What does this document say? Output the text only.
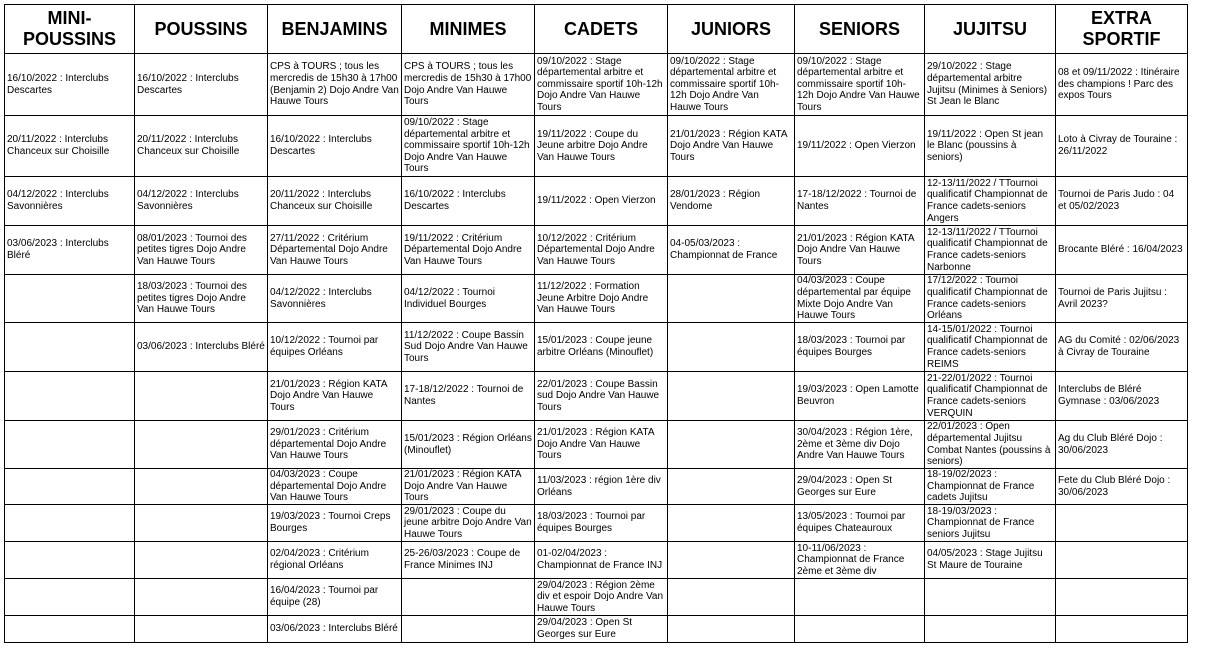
MINI-POUSSINS	POUSSINS	BENJAMINS	MINIMES	CADETS	JUNIORS	SENIORS	JUJITSU	EXTRA SPORTIF
16/10/2022 : Interclubs Descartes	16/10/2022 : Interclubs Descartes	CPS à TOURS ; tous les mercredis de 15h30 à 17h00 (Benjamin 2) Dojo Andre Van Hauwe Tours	CPS à TOURS ; tous les mercredis de 15h30 à 17h00 Dojo Andre Van Hauwe Tours	09/10/2022 : Stage départemental arbitre et commissaire sportif 10h-12h Dojo Andre Van Hauwe Tours	09/10/2022 : Stage départemental arbitre et commissaire sportif 10h-12h Dojo Andre Van Hauwe Tours	09/10/2022 : Stage départemental arbitre et commissaire sportif 10h-12h Dojo Andre Van Hauwe Tours	29/10/2022 : Stage départemental arbitre Jujitsu (Minimes à Seniors) St Jean le Blanc	08 et 09/11/2022 : Itinéraire des champions ! Parc des expos Tours
20/11/2022 : Interclubs Chanceux sur Choisille	20/11/2022 : Interclubs Chanceux sur Choisille	16/10/2022 : Interclubs Descartes	09/10/2022 : Stage départemental arbitre et commissaire sportif 10h-12h Dojo Andre Van Hauwe Tours	19/11/2022 : Coupe du Jeune arbitre Dojo Andre Van Hauwe Tours	21/01/2023 : Région KATA Dojo Andre Van Hauwe Tours	19/11/2022 : Open Vierzon	19/11/2022 : Open St jean le Blanc (poussins à seniors)	Loto à Civray de Touraine : 26/11/2022
04/12/2022 : Interclubs Savonnières	04/12/2022 : Interclubs Savonnières	20/11/2022 : Interclubs Chanceux sur Choisille	16/10/2022 : Interclubs Descartes	19/11/2022 : Open Vierzon	28/01/2023 : Région Vendome	17-18/12/2022 : Tournoi de Nantes	12-13/11/2022 / TTournoi qualificatif Championnat de France cadets-seniors Angers	Tournoi de Paris Judo : 04 et 05/02/2023
03/06/2023 : Interclubs Bléré	08/01/2023 : Tournoi des petites tigres Dojo Andre Van Hauwe Tours	27/11/2022 : Critérium Départemental Dojo Andre Van Hauwe Tours	19/11/2022 : Critérium Départemental Dojo Andre Van Hauwe Tours	10/12/2022 : Critérium Départemental Dojo Andre Van Hauwe Tours	04-05/03/2023 : Championnat de France	21/01/2023 : Région KATA Dojo Andre Van Hauwe Tours	12-13/11/2022 / TTournoi qualificatif Championnat de France cadets-seniors Narbonne	Brocante Bléré : 16/04/2023
	18/03/2023 : Tournoi des petites tigres Dojo Andre Van Hauwe Tours	04/12/2022 : Interclubs Savonnières	04/12/2022 : Tournoi Individuel Bourges	11/12/2022 : Formation Jeune Arbitre Dojo Andre Van Hauwe Tours		04/03/2023 : Coupe départemental par équipe Mixte Dojo Andre Van Hauwe Tours	17/12/2022 : Tournoi qualificatif Championnat de France cadets-seniors Orléans	Tournoi de Paris Jujitsu : Avril 2023?
	03/06/2023 : Interclubs Bléré	10/12/2022 : Tournoi par équipes Orléans	11/12/2022 : Coupe Bassin Sud Dojo Andre Van Hauwe Tours	15/01/2023 : Coupe jeune arbitre Orléans (Minouflet)		18/03/2023 : Tournoi par équipes Bourges	14-15/01/2022 : Tournoi qualificatif Championnat de France cadets-seniors REIMS	AG du Comité : 02/06/2023 à Civray de Touraine
		21/01/2023 : Région KATA Dojo Andre Van Hauwe Tours	17-18/12/2022 : Tournoi de Nantes	22/01/2023 : Coupe Bassin sud Dojo Andre Van Hauwe Tours		19/03/2023 : Open Lamotte Beuvron	21-22/01/2022 : Tournoi qualificatif Championnat de France cadets-seniors VERQUIN	Interclubs de Bléré Gymnase : 03/06/2023
		29/01/2023 : Critérium départemental Dojo Andre Van Hauwe Tours	15/01/2023 : Région Orléans (Minouflet)	21/01/2023 : Région KATA Dojo Andre Van Hauwe Tours		30/04/2023 : Région 1ère, 2ème et 3ème div Dojo Andre Van Hauwe Tours	22/01/2023 : Open départemental Jujitsu Combat Nantes (poussins à seniors)	Ag du Club Bléré Dojo : 30/06/2023
		04/03/2023 : Coupe départemental Dojo Andre Van Hauwe Tours	21/01/2023 : Région KATA Dojo Andre Van Hauwe Tours	11/03/2023 : région 1ère div Orléans		29/04/2023 : Open St Georges sur Eure	18-19/02/2023 : Championnat de France cadets Jujitsu	Fete du Club Bléré Dojo : 30/06/2023
		19/03/2023 : Tournoi Creps Bourges	29/01/2023 : Coupe du jeune arbitre Dojo Andre Van Hauwe Tours	18/03/2023 : Tournoi par équipes Bourges		13/05/2023 : Tournoi par équipes Chateauroux	18-19/03/2023 : Championnat de France seniors Jujitsu	
		02/04/2023 : Critérium régional Orléans	25-26/03/2023 : Coupe de France Minimes INJ	01-02/04/2023 : Championnat de France INJ		10-11/06/2023 : Championnat de France 2ème et 3ème div	04/05/2023 : Stage Jujitsu St Maure de Touraine	
		16/04/2023 : Tournoi par équipe (28)		29/04/2023 : Région 2ème div et espoir Dojo Andre Van Hauwe Tours				
		03/06/2023 : Interclubs Bléré		29/04/2023 : Open St Georges sur Eure				
